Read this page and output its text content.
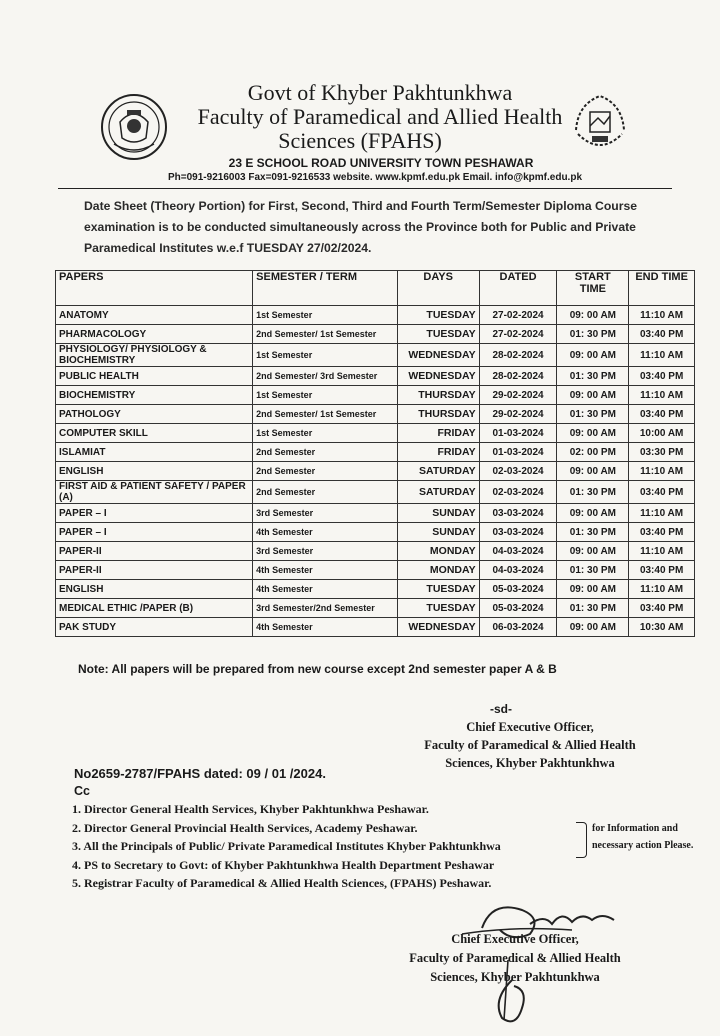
Govt of Khyber Pakhtunkhwa
Faculty of Paramedical and Allied Health
Sciences (FPAHS)
23 E SCHOOL ROAD UNIVERSITY TOWN PESHAWAR
Ph=091-9216003 Fax=091-9216533 website. www.kpmf.edu.pk Email. info@kpmf.edu.pk
Date Sheet (Theory Portion) for First, Second, Third and Fourth Term/Semester Diploma Course examination is to be conducted simultaneously across the Province both for Public and Private Paramedical Institutes w.e.f TUESDAY 27/02/2024.
PAPERS	SEMESTER / TERM	DAYS	DATED	START TIME	END TIME
ANATOMY	1st Semester	TUESDAY	27-02-2024	09: 00 AM	11:10 AM
PHARMACOLOGY	2nd Semester/ 1st Semester	TUESDAY	27-02-2024	01: 30 PM	03:40 PM
PHYSIOLOGY/ PHYSIOLOGY & BIOCHEMISTRY	1st Semester	WEDNESDAY	28-02-2024	09: 00 AM	11:10 AM
PUBLIC HEALTH	2nd Semester/ 3rd Semester	WEDNESDAY	28-02-2024	01: 30 PM	03:40 PM
BIOCHEMISTRY	1st Semester	THURSDAY	29-02-2024	09: 00 AM	11:10 AM
PATHOLOGY	2nd Semester/ 1st Semester	THURSDAY	29-02-2024	01: 30 PM	03:40 PM
COMPUTER SKILL	1st Semester	FRIDAY	01-03-2024	09: 00 AM	10:00 AM
ISLAMIAT	2nd Semester	FRIDAY	01-03-2024	02: 00 PM	03:30 PM
ENGLISH	2nd Semester	SATURDAY	02-03-2024	09: 00 AM	11:10 AM
FIRST AID & PATIENT SAFETY / PAPER (A)	2nd Semester	SATURDAY	02-03-2024	01: 30 PM	03:40 PM
PAPER – I	3rd Semester	SUNDAY	03-03-2024	09: 00 AM	11:10 AM
PAPER – I	4th Semester	SUNDAY	03-03-2024	01: 30 PM	03:40 PM
PAPER-II	3rd Semester	MONDAY	04-03-2024	09: 00 AM	11:10 AM
PAPER-II	4th Semester	MONDAY	04-03-2024	01: 30 PM	03:40 PM
ENGLISH	4th Semester	TUESDAY	05-03-2024	09: 00 AM	11:10 AM
MEDICAL ETHIC /PAPER (B)	3rd Semester/2nd Semester	TUESDAY	05-03-2024	01: 30 PM	03:40 PM
PAK STUDY	4th Semester	WEDNESDAY	06-03-2024	09: 00 AM	10:30 AM
Note: All papers will be prepared from new course except 2nd semester paper A & B
-sd-
Chief Executive Officer,
Faculty of Paramedical & Allied Health
Sciences, Khyber Pakhtunkhwa
No2659-2787/FPAHS dated: 09 / 01 /2024.
Cc
1. Director General Health Services, Khyber Pakhtunkhwa Peshawar.
2. Director General Provincial Health Services, Academy Peshawar.
3. All the Principals of Public/ Private Paramedical Institutes Khyber Pakhtunkhwa
4. PS to Secretary to Govt: of Khyber Pakhtunkhwa Health Department Peshawar
5. Registrar Faculty of Paramedical & Allied Health Sciences, (FPAHS) Peshawar.
for Information and necessary action Please.
Chief Executive Officer,
Faculty of Paramedical & Allied Health
Sciences, Khyber Pakhtunkhwa
